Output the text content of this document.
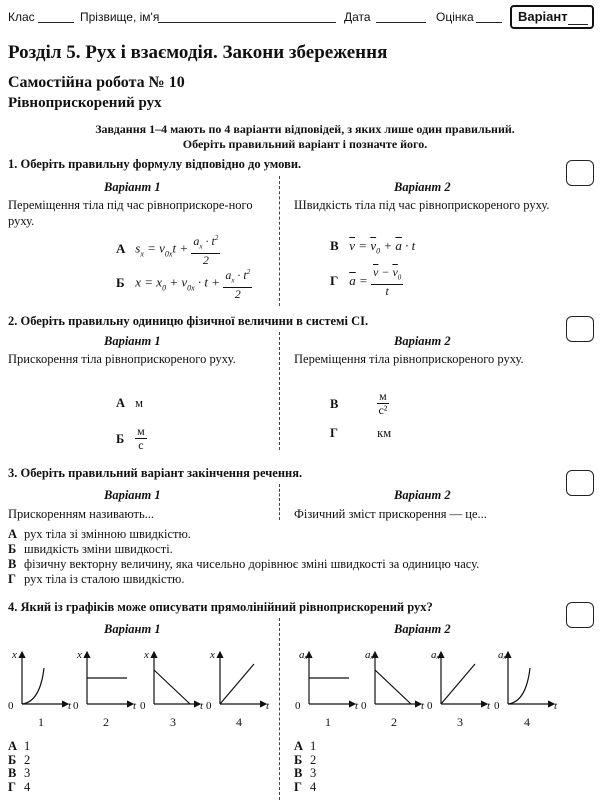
Клас	Прізвище, ім'я	Дата	Оцінка	Варіант
Розділ 5. Рух і взаємодія. Закони збереження
Самостійна робота № 10
Рівноприскорений рух
Завдання 1–4 мають по 4 варіанти відповідей, з яких лише один правильний.
Оберіть правильний варіант і позначте його.
1. Оберіть правильну формулу відповідно до умови.
Варіант 1	Варіант 2
Переміщення тіла під час рівноприскоре-ного руху.
Швидкість тіла під час рівноприскореного руху.
А $s_x = v_{0x}t + \frac{a_x \cdot t^2}{2}$
Б $x = x_0 + v_{0x} \cdot t + \frac{a_x \cdot t^2}{2}$
В $\overline{v} = \overline{v}_0 + \overline{a} \cdot t$
Г $\overline{a} = \frac{\overline{v} - \overline{v}_0}{t}$
2. Оберіть правильну одиницю фізичної величини в системі СІ.
Варіант 1	Варіант 2
Прискорення тіла рівноприскореного руху.	Переміщення тіла рівноприскореного руху.
А м
Б $\frac{м}{с}$
В	$\frac{м}{\text{с²}}$
Г	км
3. Оберіть правильний варіант закінчення речення.
Варіант 1	Варіант 2
Прискоренням називають...	Фізичний зміст прискорення — це...
А рух тіла зі змінною швидкістю.
Б швидкість зміни швидкості.
В фізичну векторну величину, яка чисельно дорівнює зміні швидкості за одиницю часу.
Г рух тіла із сталою швидкістю.
4. Який із графіків може описувати прямолінійний рівноприскорений рух?
Варіант 1	Варіант 2
x
t
0
1
x
t
0
2
x
t
0
3
x
t
0
4
aₓ
t
0
1
aₓ
t
0
2
aₓ
t
0
3
aₓ
t
0
4
А 1
Б 2
В 3
Г 4
А 1
Б 2
В 3
Г 4
